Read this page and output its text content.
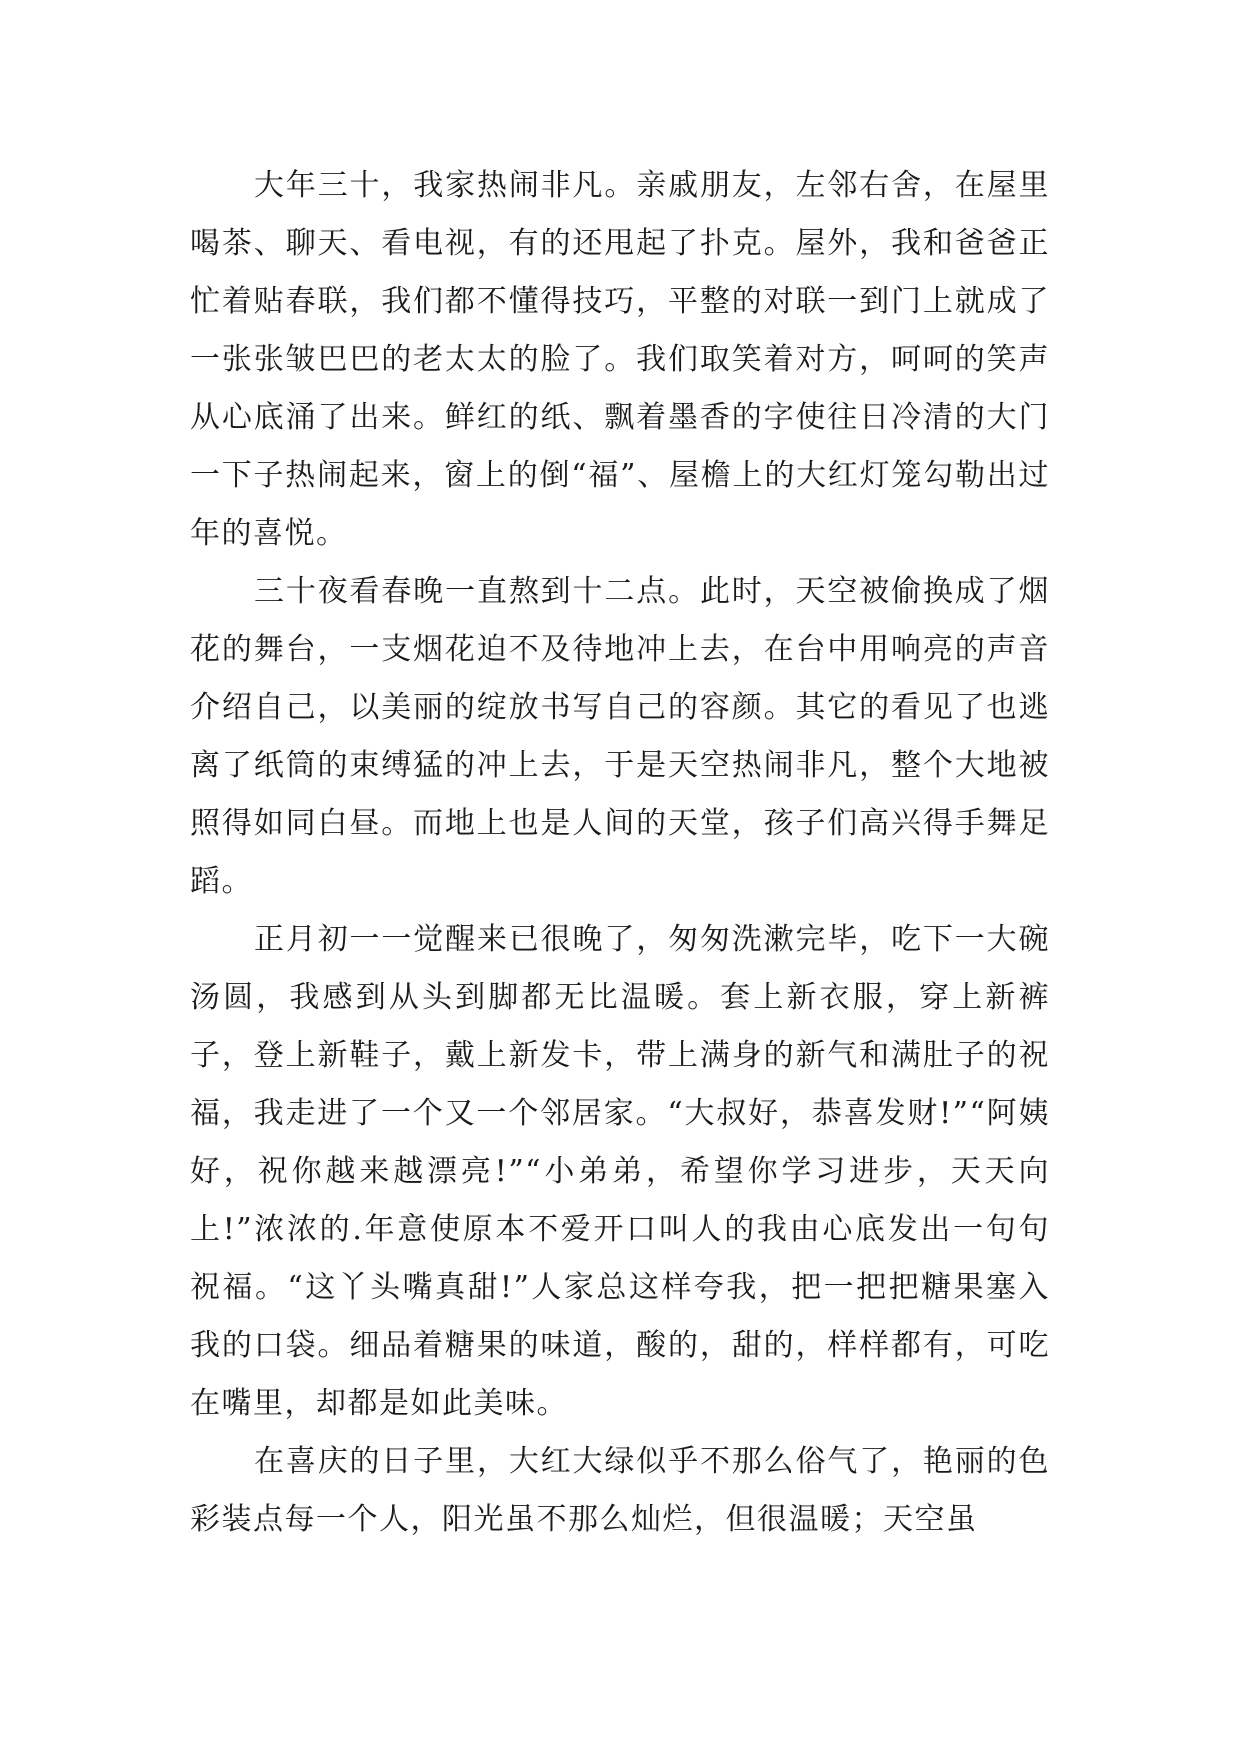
大年三十，我家热闹非凡。亲戚朋友，左邻右舍，在屋里喝茶、聊天、看电视，有的还甩起了扑克。屋外，我和爸爸正忙着贴春联，我们都不懂得技巧，平整的对联一到门上就成了一张张皱巴巴的老太太的脸了。我们取笑着对方，呵呵的笑声从心底涌了出来。鲜红的纸、飘着墨香的字使往日冷清的大门一下子热闹起来，窗上的倒“福”、屋檐上的大红灯笼勾勒出过年的喜悦。

三十夜看春晚一直熬到十二点。此时，天空被偷换成了烟花的舞台，一支烟花迫不及待地冲上去，在台中用响亮的声音介绍自己，以美丽的绽放书写自己的容颜。其它的看见了也逃离了纸筒的束缚猛的冲上去，于是天空热闹非凡，整个大地被照得如同白昼。而地上也是人间的天堂，孩子们高兴得手舞足蹈。

正月初一一觉醒来已很晚了，匆匆洗漱完毕，吃下一大碗汤圆，我感到从头到脚都无比温暖。套上新衣服，穿上新裤子，登上新鞋子，戴上新发卡，带上满身的新气和满肚子的祝福，我走进了一个又一个邻居家。“大叔好，恭喜发财!”“阿姨好，祝你越来越漂亮!”“小弟弟，希望你学习进步，天天向上!”浓浓的.年意使原本不爱开口叫人的我由心底发出一句句祝福。“这丫头嘴真甜!”人家总这样夸我，把一把把糖果塞入我的口袋。细品着糖果的味道，酸的，甜的，样样都有，可吃在嘴里，却都是如此美味。

在喜庆的日子里，大红大绿似乎不那么俗气了，艳丽的色彩装点每一个人，阳光虽不那么灿烂，但很温暖；天空虽
